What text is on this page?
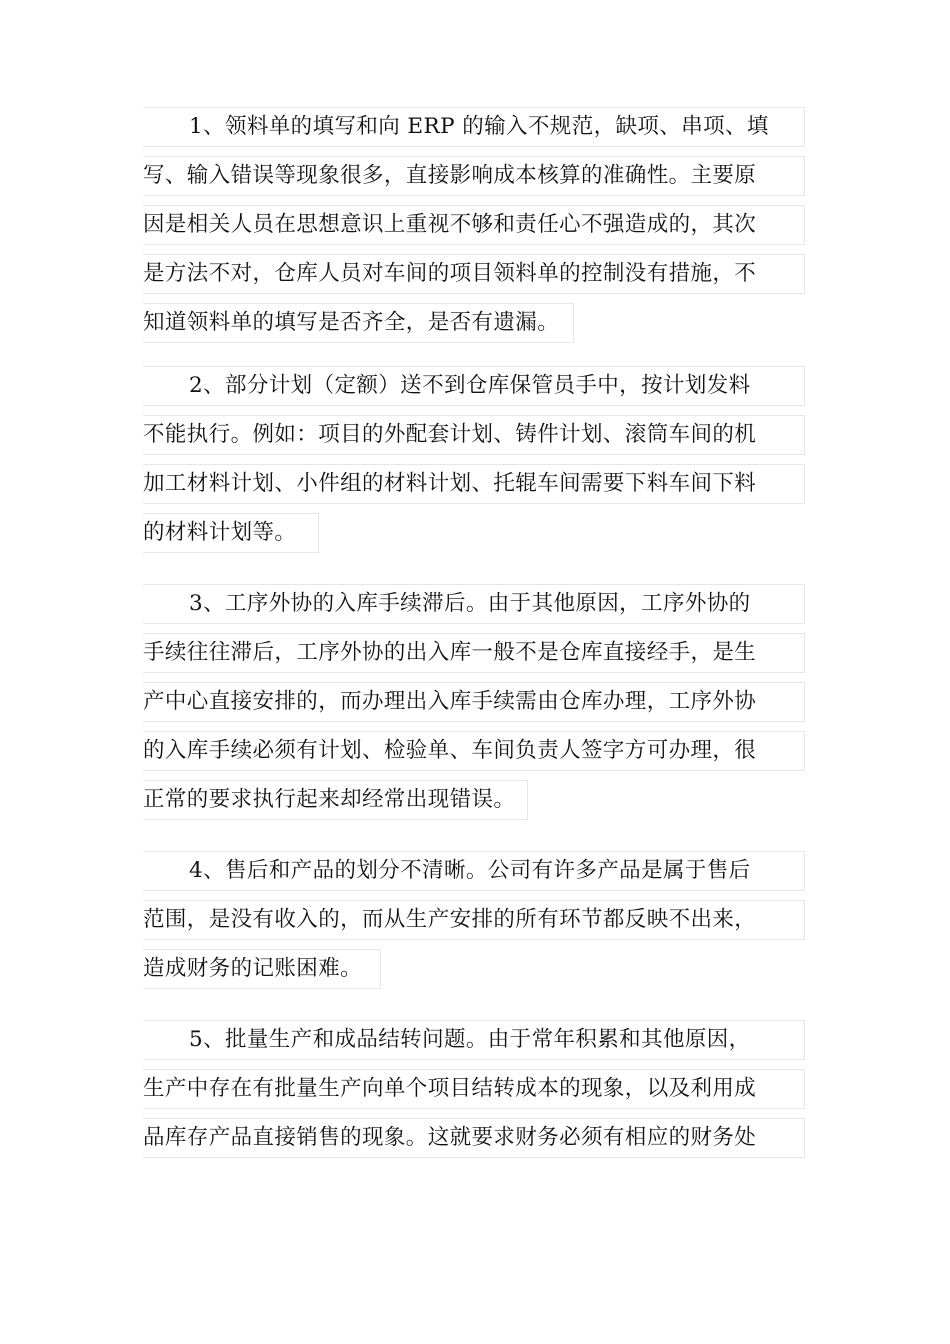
1、领料单的填写和向 ERP 的输入不规范，缺项、串项、填
写、输入错误等现象很多，直接影响成本核算的准确性。主要原
因是相关人员在思想意识上重视不够和责任心不强造成的，其次
是方法不对，仓库人员对车间的项目领料单的控制没有措施，不
知道领料单的填写是否齐全，是否有遗漏。
2、部分计划（定额）送不到仓库保管员手中，按计划发料
不能执行。例如：项目的外配套计划、铸件计划、滚筒车间的机
加工材料计划、小件组的材料计划、托辊车间需要下料车间下料
的材料计划等。
3、工序外协的入库手续滞后。由于其他原因，工序外协的
手续往往滞后，工序外协的出入库一般不是仓库直接经手，是生
产中心直接安排的，而办理出入库手续需由仓库办理，工序外协
的入库手续必须有计划、检验单、车间负责人签字方可办理，很
正常的要求执行起来却经常出现错误。
4、售后和产品的划分不清晰。公司有许多产品是属于售后
范围，是没有收入的，而从生产安排的所有环节都反映不出来，
造成财务的记账困难。
5、批量生产和成品结转问题。由于常年积累和其他原因，
生产中存在有批量生产向单个项目结转成本的现象，以及利用成
品库存产品直接销售的现象。这就要求财务必须有相应的财务处
